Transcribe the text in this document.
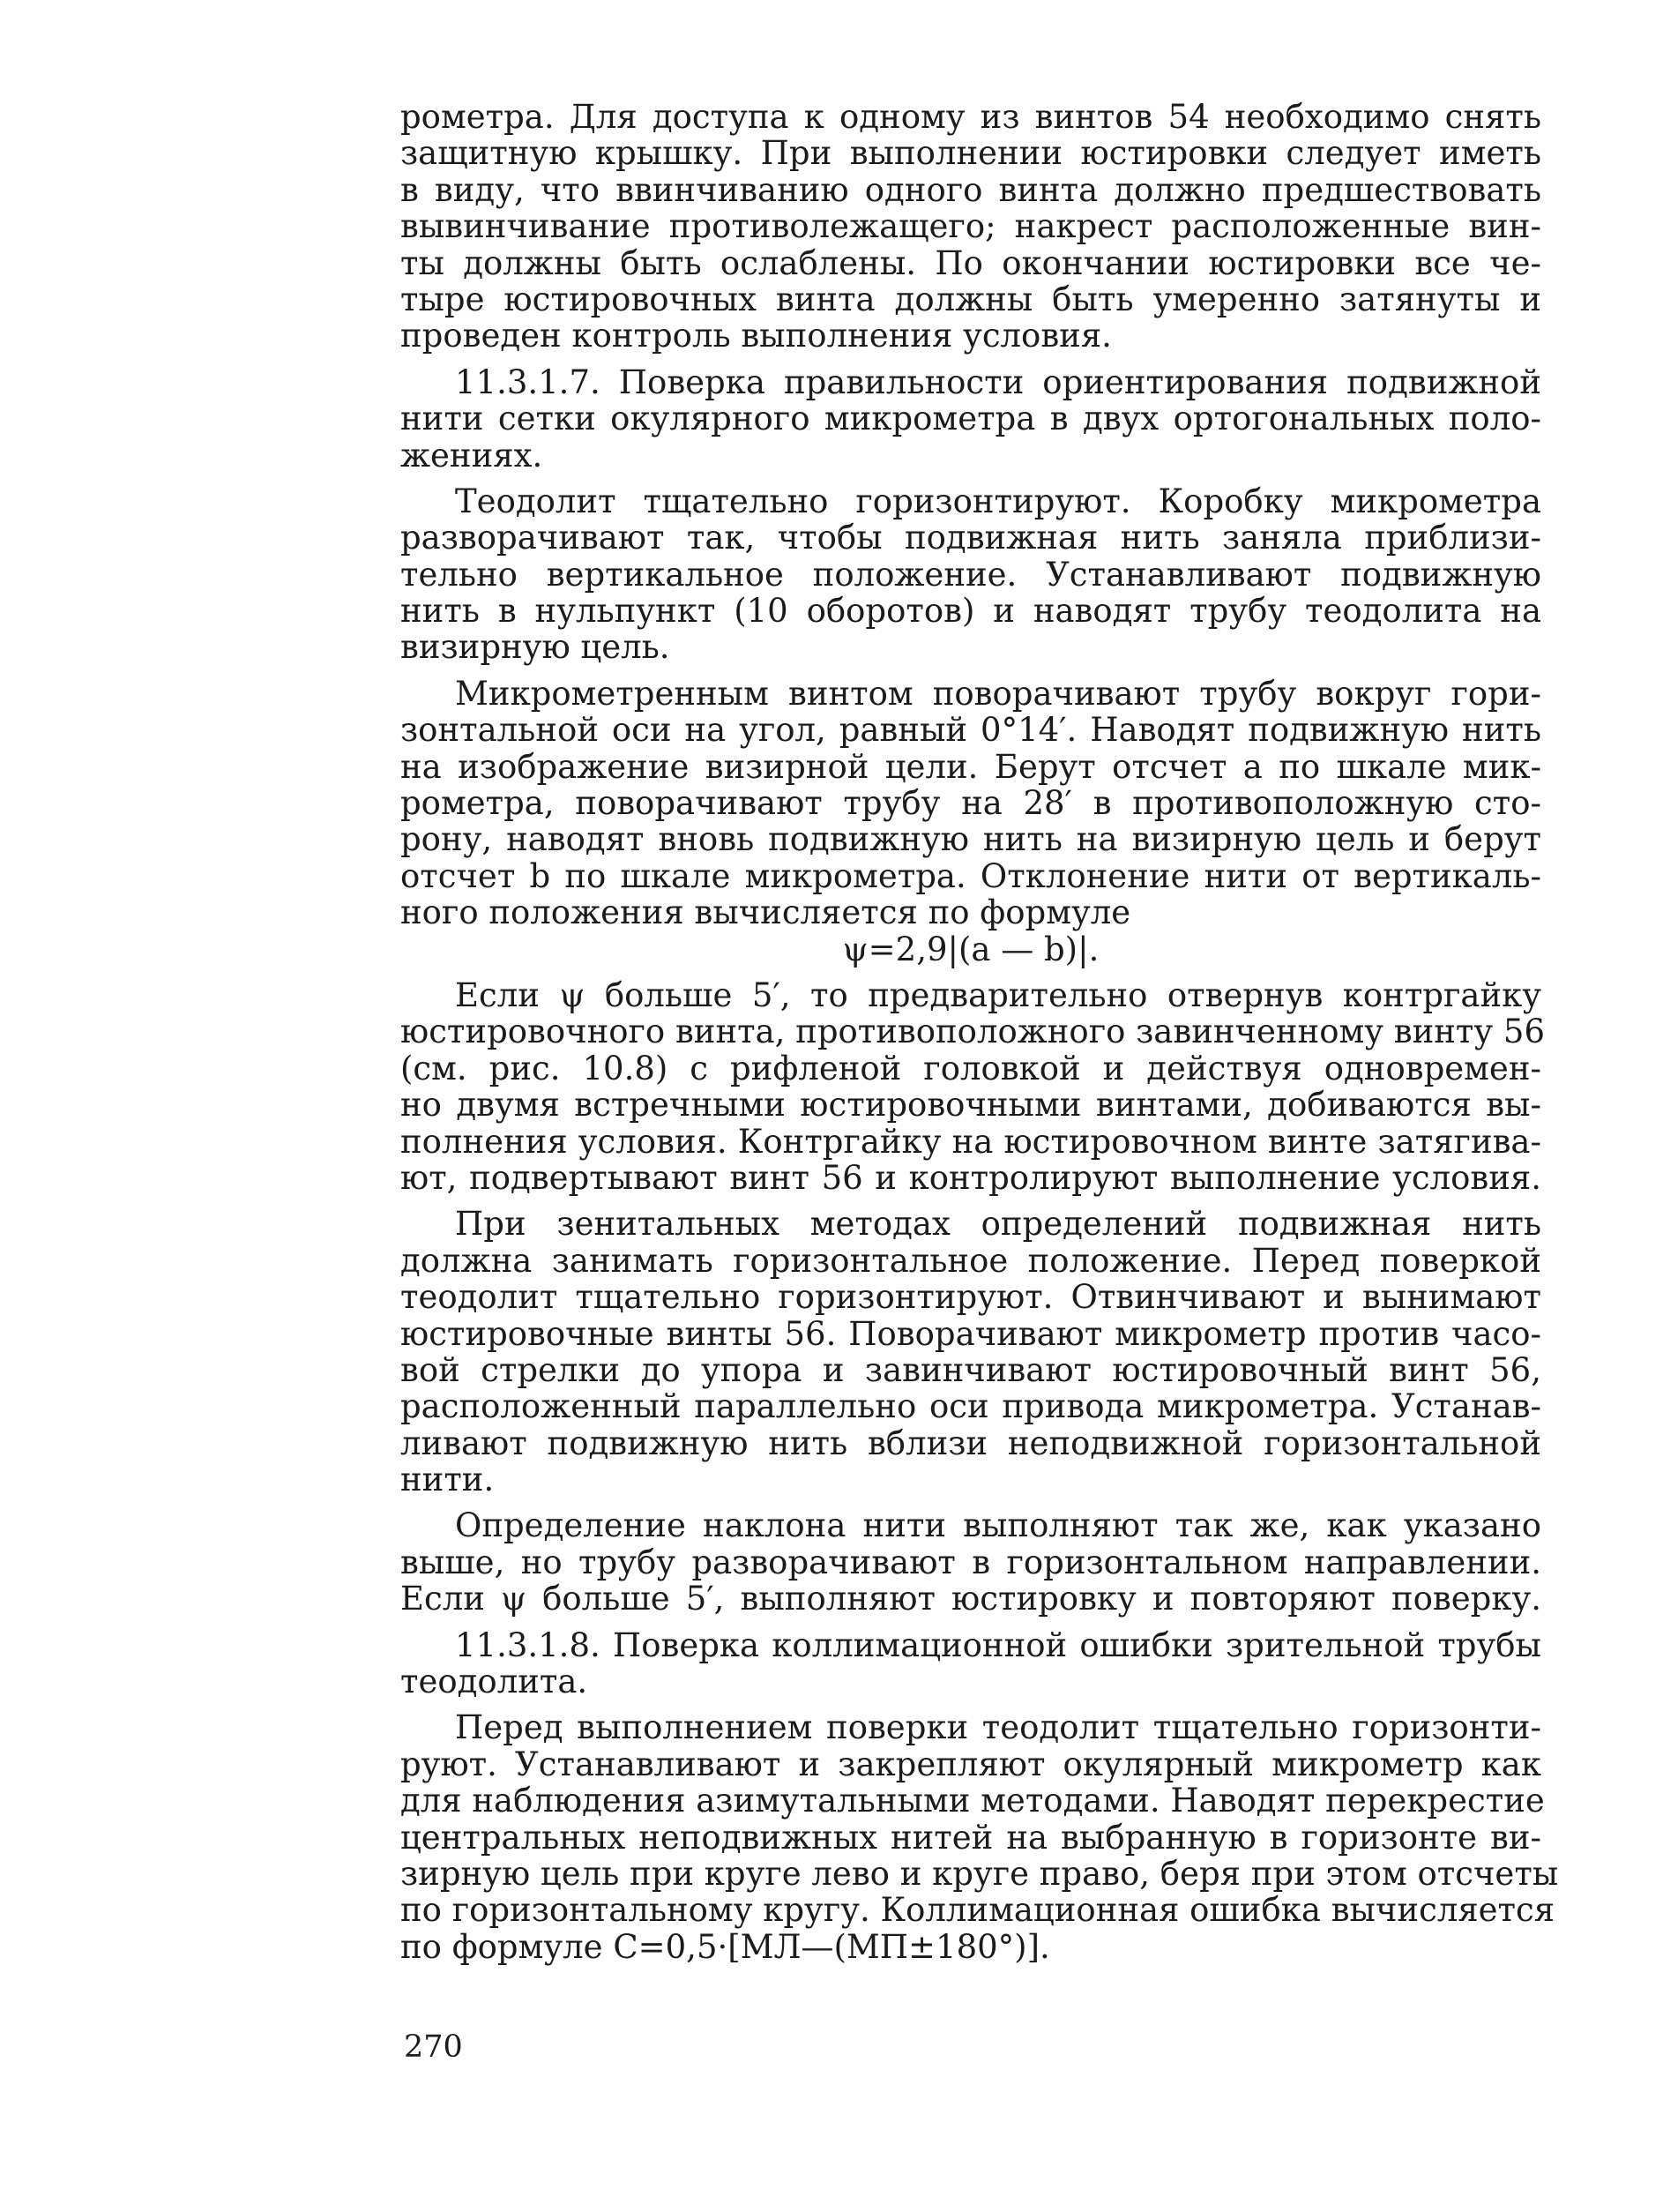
рометра. Для доступа к одному из винтов 54 необходимо снять
защитную крышку. При выполнении юстировки следует иметь
в виду, что ввинчиванию одного винта должно предшествовать
вывинчивание противолежащего; накрест расположенные вин-
ты должны быть ослаблены. По окончании юстировки все че-
тыре юстировочных винта должны быть умеренно затянуты и
проведен контроль выполнения условия.
11.3.1.7. Поверка правильности ориентирования подвижной
нити сетки окулярного микрометра в двух ортогональных поло-
жениях.
Теодолит тщательно горизонтируют. Коробку микрометра
разворачивают так, чтобы подвижная нить заняла приблизи-
тельно вертикальное положение. Устанавливают подвижную
нить в нульпункт (10 оборотов) и наводят трубу теодолита на
визирную цель.
Микрометренным винтом поворачивают трубу вокруг гори-
зонтальной оси на угол, равный 0°14′. Наводят подвижную нить
на изображение визирной цели. Берут отсчет a по шкале мик-
рометра, поворачивают трубу на 28′ в противоположную сто-
рону, наводят вновь подвижную нить на визирную цель и берут
отсчет b по шкале микрометра. Отклонение нити от вертикаль-
ного положения вычисляется по формуле
ψ=2,9|(a — b)|.
Если ψ больше 5′, то предварительно отвернув контргайку
юстировочного винта, противоположного завинченному винту 56
(см. рис. 10.8) с рифленой головкой и действуя одновремен-
но двумя встречными юстировочными винтами, добиваются вы-
полнения условия. Контргайку на юстировочном винте затягива-
ют, подвертывают винт 56 и контролируют выполнение условия.
При зенитальных методах определений подвижная нить
должна занимать горизонтальное положение. Перед поверкой
теодолит тщательно горизонтируют. Отвинчивают и вынимают
юстировочные винты 56. Поворачивают микрометр против часо-
вой стрелки до упора и завинчивают юстировочный винт 56,
расположенный параллельно оси привода микрометра. Устанав-
ливают подвижную нить вблизи неподвижной горизонтальной
нити.
Определение наклона нити выполняют так же, как указано
выше, но трубу разворачивают в горизонтальном направлении.
Если ψ больше 5′, выполняют юстировку и повторяют поверку.
11.3.1.8. Поверка коллимационной ошибки зрительной трубы
теодолита.
Перед выполнением поверки теодолит тщательно горизонти-
руют. Устанавливают и закрепляют окулярный микрометр как
для наблюдения азимутальными методами. Наводят перекрестие
центральных неподвижных нитей на выбранную в горизонте ви-
зирную цель при круге лево и круге право, беря при этом отсчеты
по горизонтальному кругу. Коллимационная ошибка вычисляется
по формуле C=0,5·[МЛ—(МП±180°)].
270
